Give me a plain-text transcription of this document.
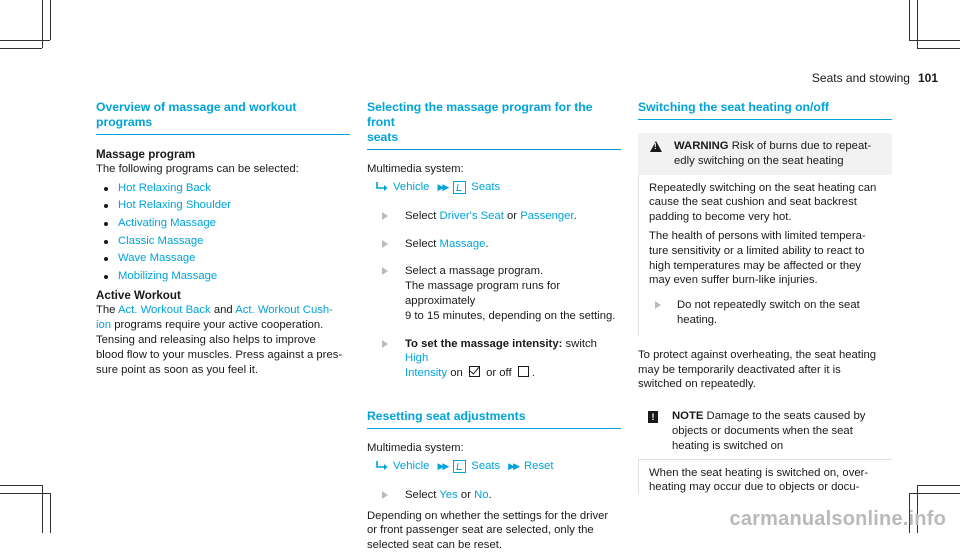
Seats and stowing 101
Overview of massage and workout programs
Massage program

The following programs can be selected:

Hot Relaxing Back
Hot Relaxing Shoulder
Activating Massage
Classic Massage
Wave Massage
Mobilizing Massage
Active Workout

The Act. Workout Back and Act. Workout Cush-
ion programs require your active cooperation.
Tensing and releasing also helps to improve
blood flow to your muscles. Press against a pres-
sure point as soon as you feel it.

Selecting the massage program for the front
seats

Multimedia system:

Vehicle ▶▶ Seats
Select Driver's Seat or Passenger.
Select Massage.
Select a massage program.
The massage program runs for approximately
9 to 15 minutes, depending on the setting.
To set the massage intensity: switch High
Intensity on or off .
Resetting seat adjustments

Multimedia system:

Vehicle ▶▶ Seats ▶▶ Reset
Select Yes or No.

Depending on whether the settings for the driver
or front passenger seat are selected, only the
selected seat can be reset.

Switching the seat heating on/off
!
WARNING Risk of burns due to repeat-
edly switching on the seat heating

Repeatedly switching on the seat heating can
cause the seat cushion and seat backrest
padding to become very hot.

The health of persons with limited tempera-
ture sensitivity or a limited ability to react to
high temperatures may be affected or they
may even suffer burn-like injuries.

Do not repeatedly switch on the seat
heating.

To protect against overheating, the seat heating
may be temporarily deactivated after it is
switched on repeatedly.

!	NOTE Damage to the seats caused by
objects or documents when the seat
heating is switched on
When the seat heating is switched on, over-
heating may occur due to objects or docu-
carmanualsonline.info
